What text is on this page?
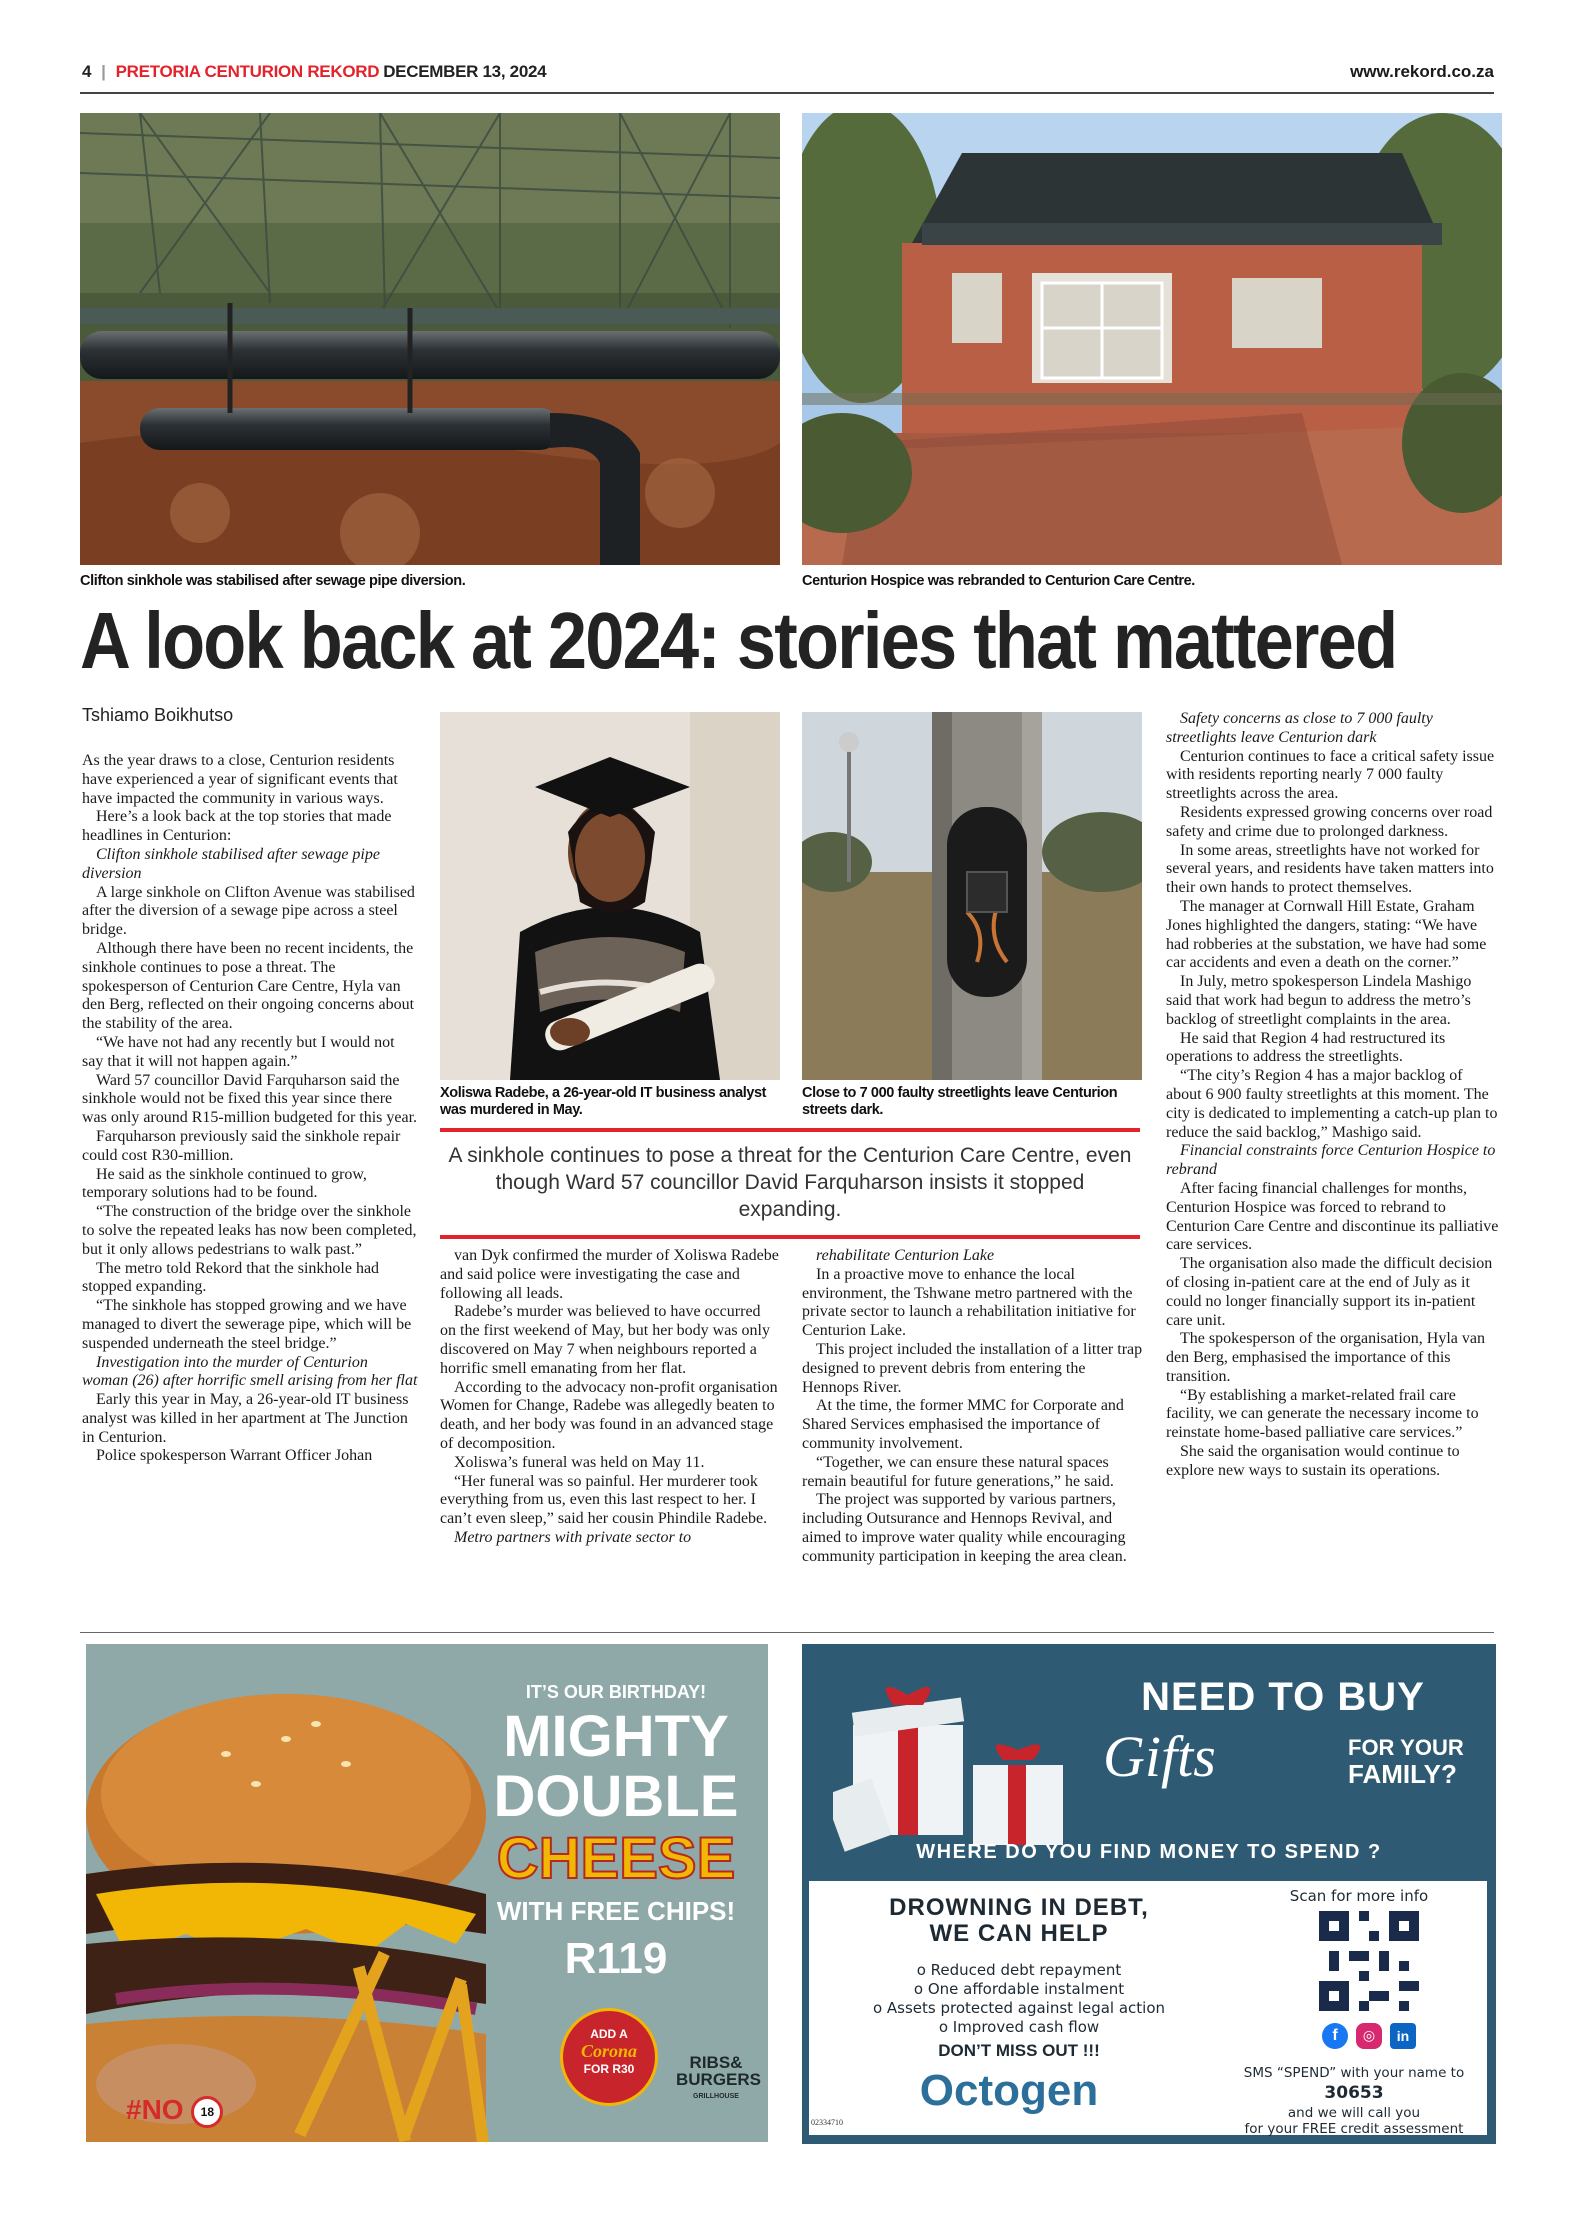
4 | PRETORIA CENTURION REKORD DECEMBER 13, 2024	www.rekord.co.za
Clifton sinkhole was stabilised after sewage pipe diversion.	Centurion Hospice was rebranded to Centurion Care Centre.
A look back at 2024: stories that mattered
Tshiamo Boikhutso

As the year draws to a close, Centurion residents have experienced a year of significant events that have impacted the community in various ways.

Here’s a look back at the top stories that made headlines in Centurion:

Clifton sinkhole stabilised after sewage pipe diversion

A large sinkhole on Clifton Avenue was stabilised after the diversion of a sewage pipe across a steel bridge.

Although there have been no recent incidents, the sinkhole continues to pose a threat. The spokesperson of Centurion Care Centre, Hyla van den Berg, reflected on their ongoing concerns about the stability of the area.

“We have not had any recently but I would not say that it will not happen again.”

Ward 57 councillor David Farquharson said the sinkhole would not be fixed this year since there was only around R15-million budgeted for this year.

Farquharson previously said the sinkhole repair could cost R30-million.

He said as the sinkhole continued to grow, temporary solutions had to be found.

“The construction of the bridge over the sinkhole to solve the repeated leaks has now been completed, but it only allows pedestrians to walk past.”

The metro told Rekord that the sinkhole had stopped expanding.

“The sinkhole has stopped growing and we have managed to divert the sewerage pipe, which will be suspended underneath the steel bridge.”

Investigation into the murder of Centurion woman (26) after horrific smell arising from her flat

Early this year in May, a 26-year-old IT business analyst was killed in her apartment at The Junction in Centurion.

Police spokesperson Warrant Officer Johan

Xoliswa Radebe, a 26-year-old IT business analyst was murdered in May.
Close to 7 000 faulty streetlights leave Centurion streets dark.
A sinkhole continues to pose a threat for the Centurion Care Centre, even though Ward 57 councillor David Farquharson insists it stopped expanding.

van Dyk confirmed the murder of Xoliswa Radebe and said police were investigating the case and following all leads.

Radebe’s murder was believed to have occurred on the first weekend of May, but her body was only discovered on May 7 when neighbours reported a horrific smell emanating from her flat.

According to the advocacy non-profit organisation Women for Change, Radebe was allegedly beaten to death, and her body was found in an advanced stage of decomposition.

Xoliswa’s funeral was held on May 11.

“Her funeral was so painful. Her murderer took everything from us, even this last respect to her. I can’t even sleep,” said her cousin Phindile Radebe.

Metro partners with private sector to

rehabilitate Centurion Lake

In a proactive move to enhance the local environment, the Tshwane metro partnered with the private sector to launch a rehabilitation initiative for Centurion Lake.

This project included the installation of a litter trap designed to prevent debris from entering the Hennops River.

At the time, the former MMC for Corporate and Shared Services emphasised the importance of community involvement.

“Together, we can ensure these natural spaces remain beautiful for future generations,” he said.

The project was supported by various partners, including Outsurance and Hennops Revival, and aimed to improve water quality while encouraging community participation in keeping the area clean.

Safety concerns as close to 7 000 faulty streetlights leave Centurion dark

Centurion continues to face a critical safety issue with residents reporting nearly 7 000 faulty streetlights across the area.

Residents expressed growing concerns over road safety and crime due to prolonged darkness.

In some areas, streetlights have not worked for several years, and residents have taken matters into their own hands to protect themselves.

The manager at Cornwall Hill Estate, Graham Jones highlighted the dangers, stating: “We have had robberies at the substation, we have had some car accidents and even a death on the corner.”

In July, metro spokesperson Lindela Mashigo said that work had begun to address the metro’s backlog of streetlight complaints in the area.

He said that Region 4 had restructured its operations to address the streetlights.

“The city’s Region 4 has a major backlog of about 6 900 faulty streetlights at this moment. The city is dedicated to implementing a catch-up plan to reduce the said backlog,” Mashigo said.

Financial constraints force Centurion Hospice to rebrand

After facing financial challenges for months, Centurion Hospice was forced to rebrand to Centurion Care Centre and discontinue its palliative care services.

The organisation also made the difficult decision of closing in-patient care at the end of July as it could no longer financially support its in-patient care unit.

The spokesperson of the organisation, Hyla van den Berg, emphasised the importance of this transition.

“By establishing a market-related frail care facility, we can generate the necessary income to reinstate home-based palliative care services.”

She said the organisation would continue to explore new ways to sustain its operations.

IT’S OUR BIRTHDAY!
MIGHTY
DOUBLE
CHEESE
WITH FREE CHIPS!
R119
ADD A
Corona
FOR R30	RIBS&
BURGERS
GRILLHOUSE
#NO 18
NEED TO BUY
Gifts	FOR YOUR
FAMILY?
WHERE DO YOU FIND MONEY TO SPEND ?
DROWNING IN DEBT,
WE CAN HELP
o Reduced debt repayment
o One affordable instalment
o Assets protected against legal action
o Improved cash flow
DON’T MISS OUT !!!
Octogen
02334710
Scan for more info
f	◎	in
SMS “SPEND” with your name to
30653
and we will call you
for your FREE credit assessment
